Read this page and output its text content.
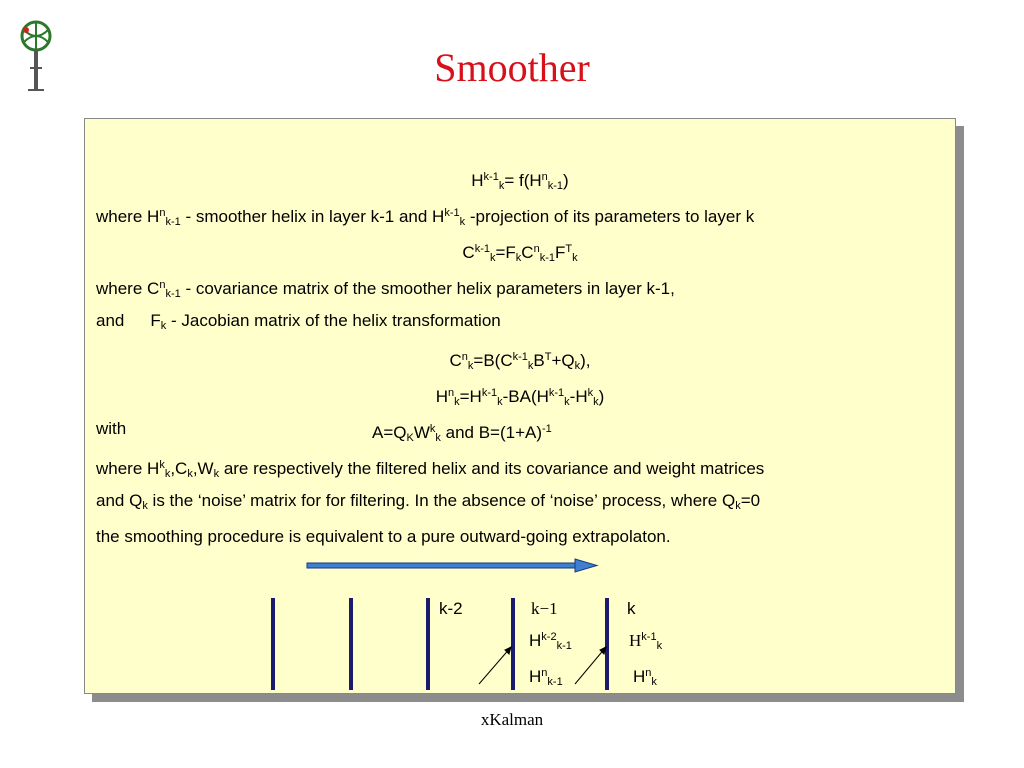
Smoother
$H^{k-1}_k= f(H^n_{k-1})$
where $H^n_{k-1}$ - smoother helix in layer k-1 and $H^{k-1}_k$ -projection of its parameters to layer k
$C^{k-1}_k=F_kC^n_{k-1}F^T_k$
where $C^n_{k-1}$ - covariance matrix of the smoother helix parameters in layer k-1,
and $F_k$ - Jacobian matrix of the helix transformation
$C^n_k=B(C^{k-1}_kB^T+Q_k)$,
$H^n_k=H^{k-1}_k-BA(H^{k-1}_k-H^k_k)$
with	$A=Q_KW^k_k$ and $B=(1+A)^{-1}$
where $H^k_k,C_k,W_k$ are respectively the filtered helix and its covariance and weight matrices
and $Q_k$ is the ‘noise’ matrix for for filtering. In the absence of ‘noise’ process, where $Q_k=0$
the smoothing procedure is equivalent to a pure outward-going extrapolaton.
k-2	k−1	k
$H^{k-2}_{k-1}$	$H^{k-1}_k$
$H^n_{k-1}$	$H^n_k$
xKalman
